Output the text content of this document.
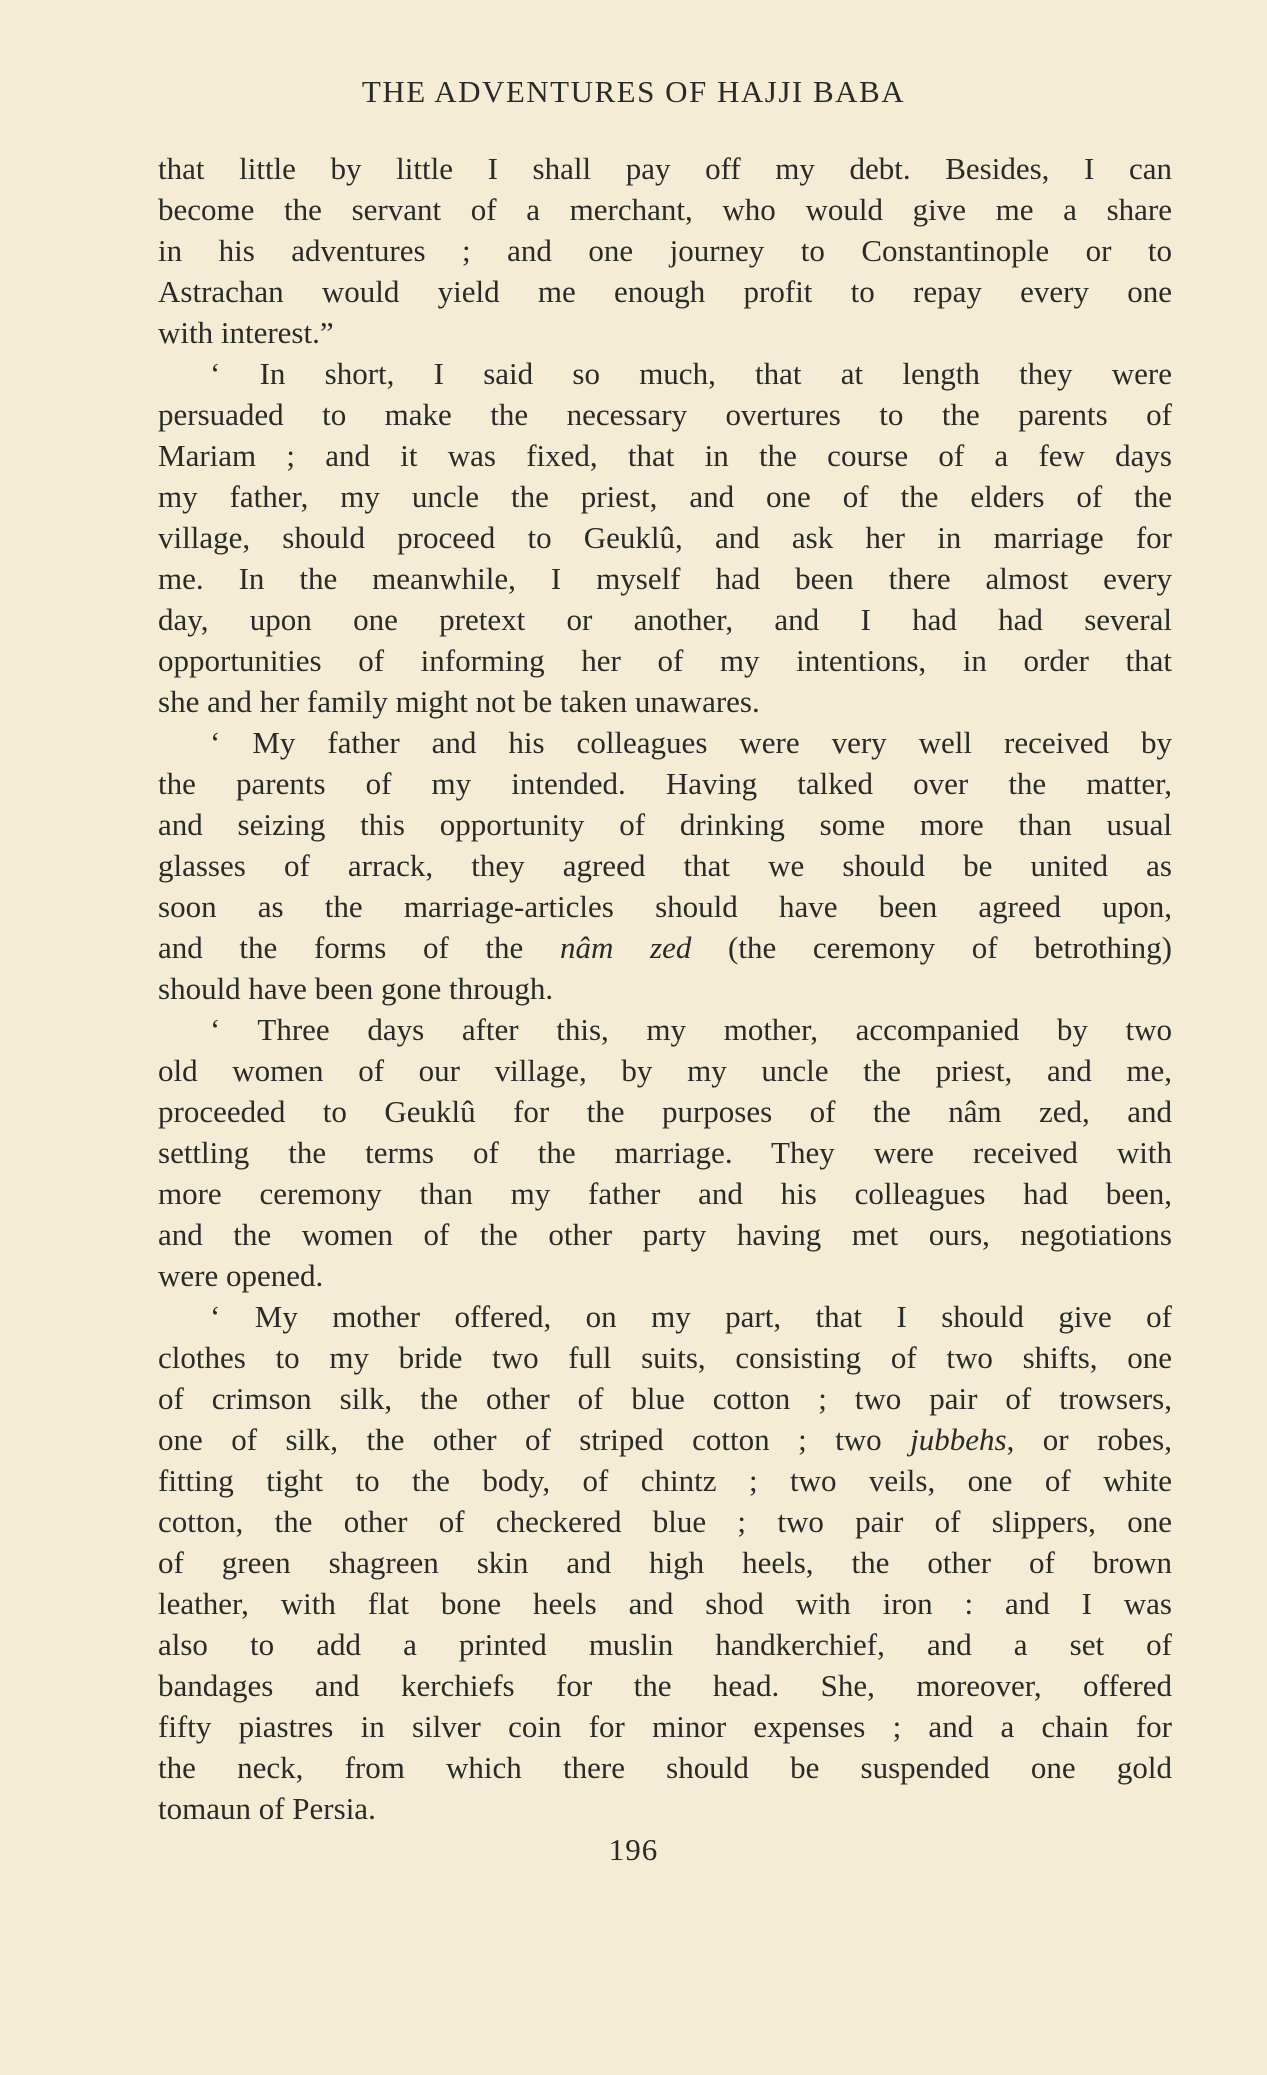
THE ADVENTURES OF HAJJI BABA
that little by little I shall pay off my debt. Besides, I can
become the servant of a merchant, who would give me a share
in his adventures ; and one journey to Constantinople or to
Astrachan would yield me enough profit to repay every one
with interest.”
‘ In short, I said so much, that at length they were
persuaded to make the necessary overtures to the parents of
Mariam ; and it was fixed, that in the course of a few days
my father, my uncle the priest, and one of the elders of the
village, should proceed to Geuklû, and ask her in marriage for
me. In the meanwhile, I myself had been there almost every
day, upon one pretext or another, and I had had several
opportunities of informing her of my intentions, in order that
she and her family might not be taken unawares.
‘ My father and his colleagues were very well received by
the parents of my intended. Having talked over the matter,
and seizing this opportunity of drinking some more than usual
glasses of arrack, they agreed that we should be united as
soon as the marriage-articles should have been agreed upon,
and the forms of the nâm zed (the ceremony of betrothing)
should have been gone through.
‘ Three days after this, my mother, accompanied by two
old women of our village, by my uncle the priest, and me,
proceeded to Geuklû for the purposes of the nâm zed, and
settling the terms of the marriage. They were received with
more ceremony than my father and his colleagues had been,
and the women of the other party having met ours, negotiations
were opened.
‘ My mother offered, on my part, that I should give of
clothes to my bride two full suits, consisting of two shifts, one
of crimson silk, the other of blue cotton ; two pair of trowsers,
one of silk, the other of striped cotton ; two jubbehs, or robes,
fitting tight to the body, of chintz ; two veils, one of white
cotton, the other of checkered blue ; two pair of slippers, one
of green shagreen skin and high heels, the other of brown
leather, with flat bone heels and shod with iron : and I was
also to add a printed muslin handkerchief, and a set of
bandages and kerchiefs for the head. She, moreover, offered
fifty piastres in silver coin for minor expenses ; and a chain for
the neck, from which there should be suspended one gold
tomaun of Persia.
196
